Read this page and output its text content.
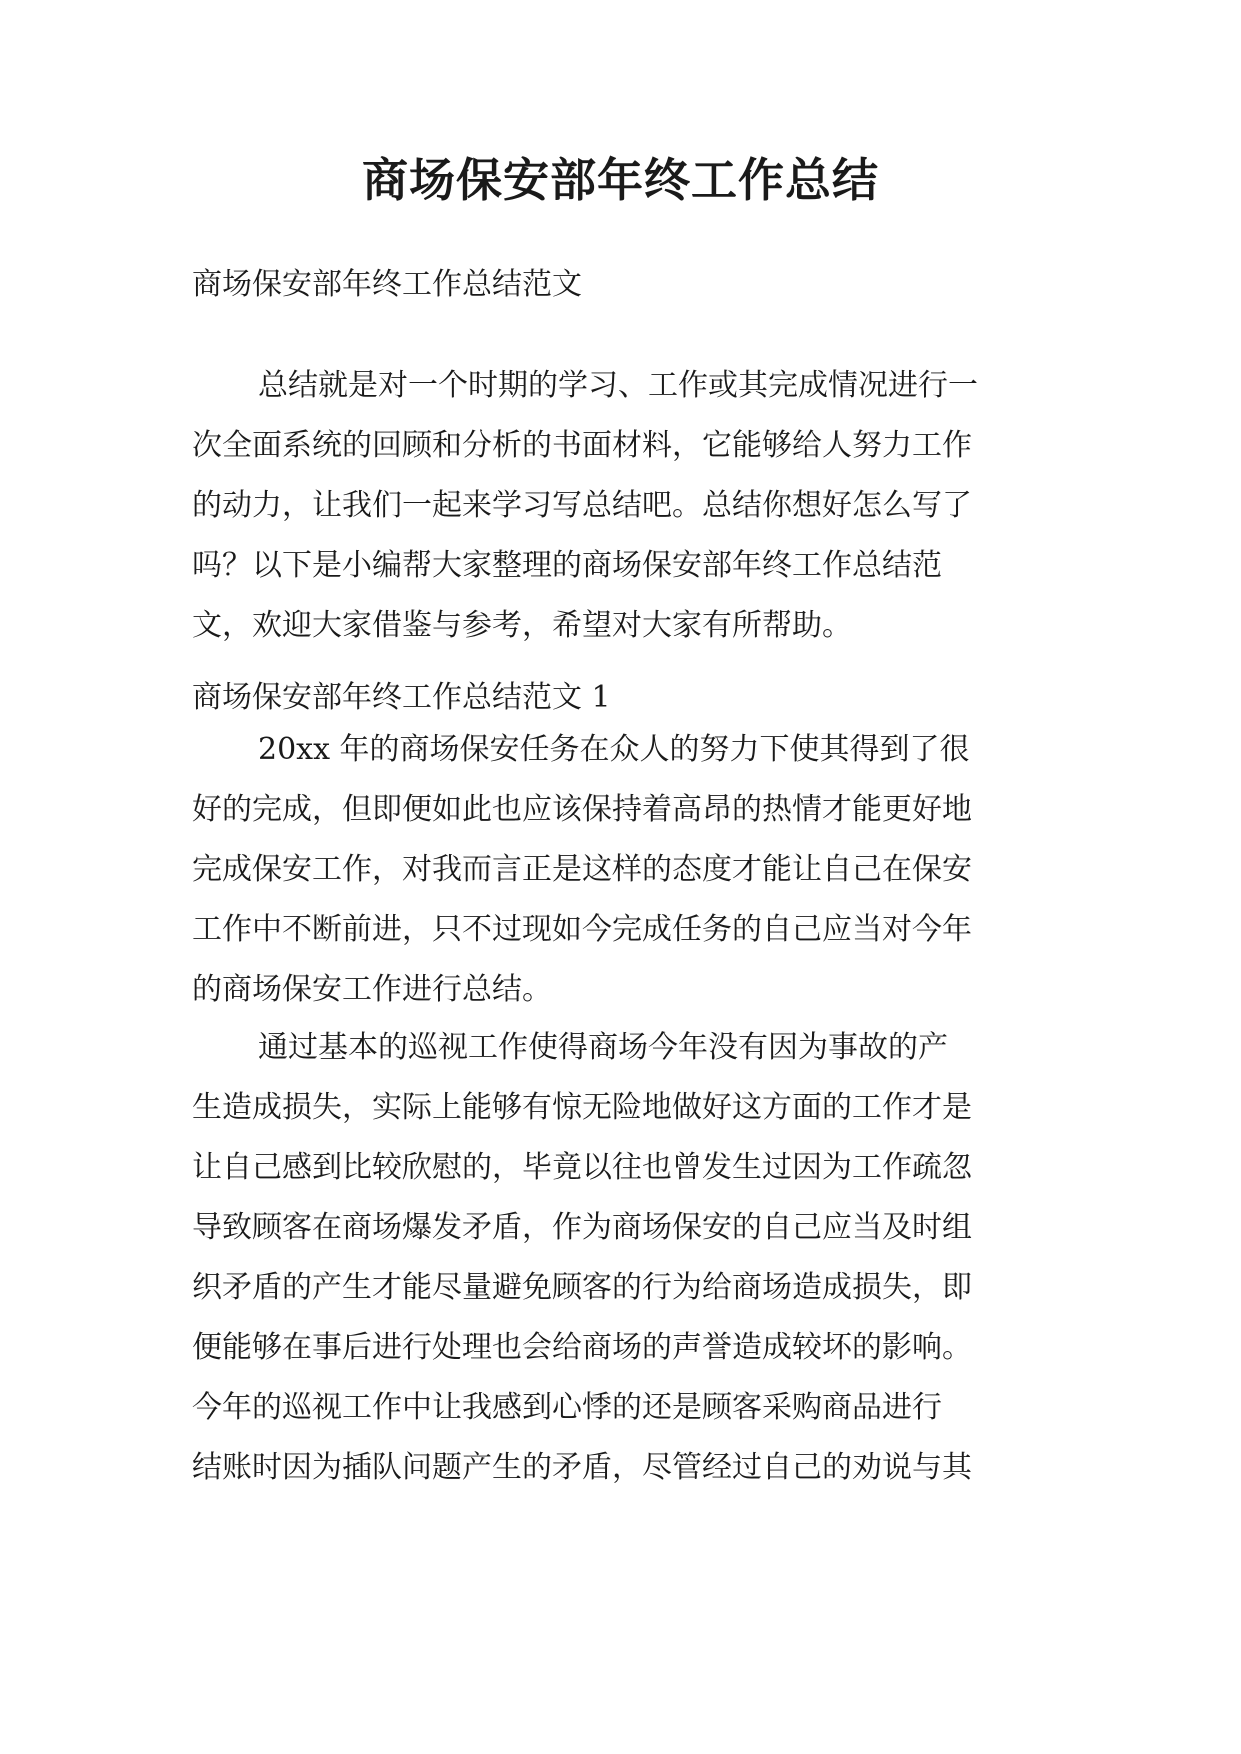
商场保安部年终工作总结

商场保安部年终工作总结范文

总结就是对一个时期的学习、工作或其完成情况进行一
次全面系统的回顾和分析的书面材料，它能够给人努力工作
的动力，让我们一起来学习写总结吧。总结你想好怎么写了
吗？以下是小编帮大家整理的商场保安部年终工作总结范
文，欢迎大家借鉴与参考，希望对大家有所帮助。

商场保安部年终工作总结范文 1

20xx 年的商场保安任务在众人的努力下使其得到了很
好的完成，但即便如此也应该保持着高昂的热情才能更好地
完成保安工作，对我而言正是这样的态度才能让自己在保安
工作中不断前进，只不过现如今完成任务的自己应当对今年
的商场保安工作进行总结。
通过基本的巡视工作使得商场今年没有因为事故的产
生造成损失，实际上能够有惊无险地做好这方面的工作才是
让自己感到比较欣慰的，毕竟以往也曾发生过因为工作疏忽
导致顾客在商场爆发矛盾，作为商场保安的自己应当及时组
织矛盾的产生才能尽量避免顾客的行为给商场造成损失，即
便能够在事后进行处理也会给商场的声誉造成较坏的影响。
今年的巡视工作中让我感到心悸的还是顾客采购商品进行
结账时因为插队问题产生的矛盾，尽管经过自己的劝说与其
